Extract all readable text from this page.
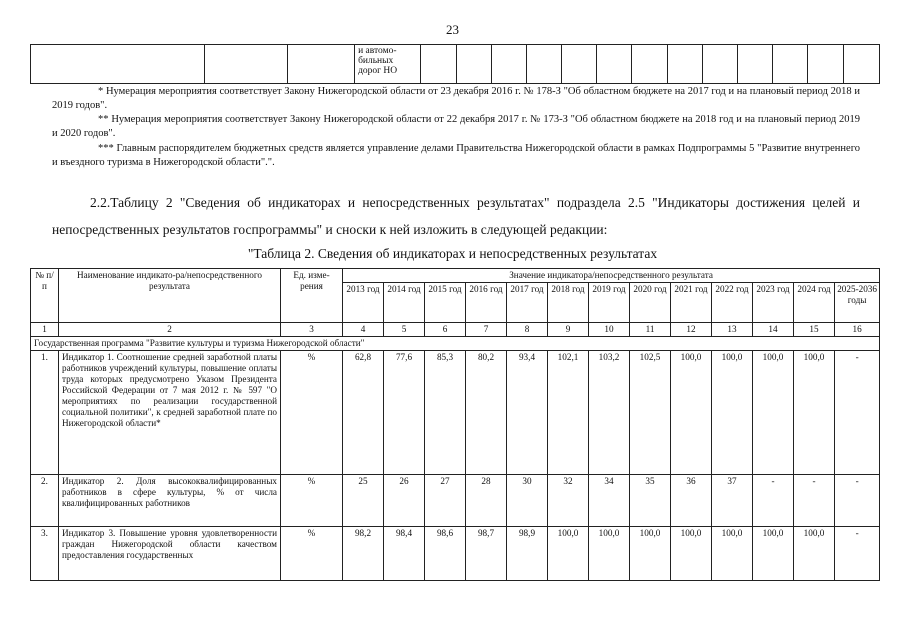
23

и автомо-бильных дорог НО

* Нумерация мероприятия соответствует Закону Нижегородской области от 23 декабря 2016 г. № 178-З "Об областном бюджете на 2017 год и на плановый период 2018 и 2019 годов".
** Нумерация мероприятия соответствует Закону Нижегородской области от 22 декабря 2017 г. № 173-З "Об областном бюджете на 2018 год и на плановый период 2019 и 2020 годов".
*** Главным распорядителем бюджетных средств является управление делами Правительства Нижегородской области в рамках Подпрограммы 5 "Развитие внутреннего и въездного туризма в Нижегородской области".".
2.2.Таблицу 2 "Сведения об индикаторах и непосредственных результатах" подраздела 2.5 "Индикаторы достижения целей и непосредственных результатов госпрограммы" и сноски к ней изложить в следующей редакции:
"Таблица 2. Сведения об индикаторах и непосредственных результатах
№ п/п	Наименование индикато-ра/непосредственного результата	Ед. изме-рения	Значение индикатора/непосредственного результата												
			2013 год	2014 год	2015 год	2016 год	2017 год	2018 год	2019 год	2020 год	2021 год	2022 год	2023 год	2024 год	2025-2036 годы
1	2	3	4	5	6	7	8	9	10	11	12	13	14	15	16
Государственная программа "Развитие культуры и туризма Нижегородской области"															
1.	Индикатор 1. Соотношение средней заработной платы работников учреждений культуры, повышение оплаты труда которых предусмотрено Указом Президента Российской Федерации от 7 мая 2012 г. № 597 "О мероприятиях по реализации государственной социальной политики", к средней заработной плате по Нижегородской области*	%	62,8	77,6	85,3	80,2	93,4	102,1	103,2	102,5	100,0	100,0	100,0	100,0	-
2.	Индикатор 2. Доля высококвалифицированных работников в сфере культуры, % от числа квалифицированных работников	%	25	26	27	28	30	32	34	35	36	37	-	-	-
3.	Индикатор 3. Повышение уровня удовлетворенности граждан Нижегородской области качеством предоставления государственных	%	98,2	98,4	98,6	98,7	98,9	100,0	100,0	100,0	100,0	100,0	100,0	100,0	-
